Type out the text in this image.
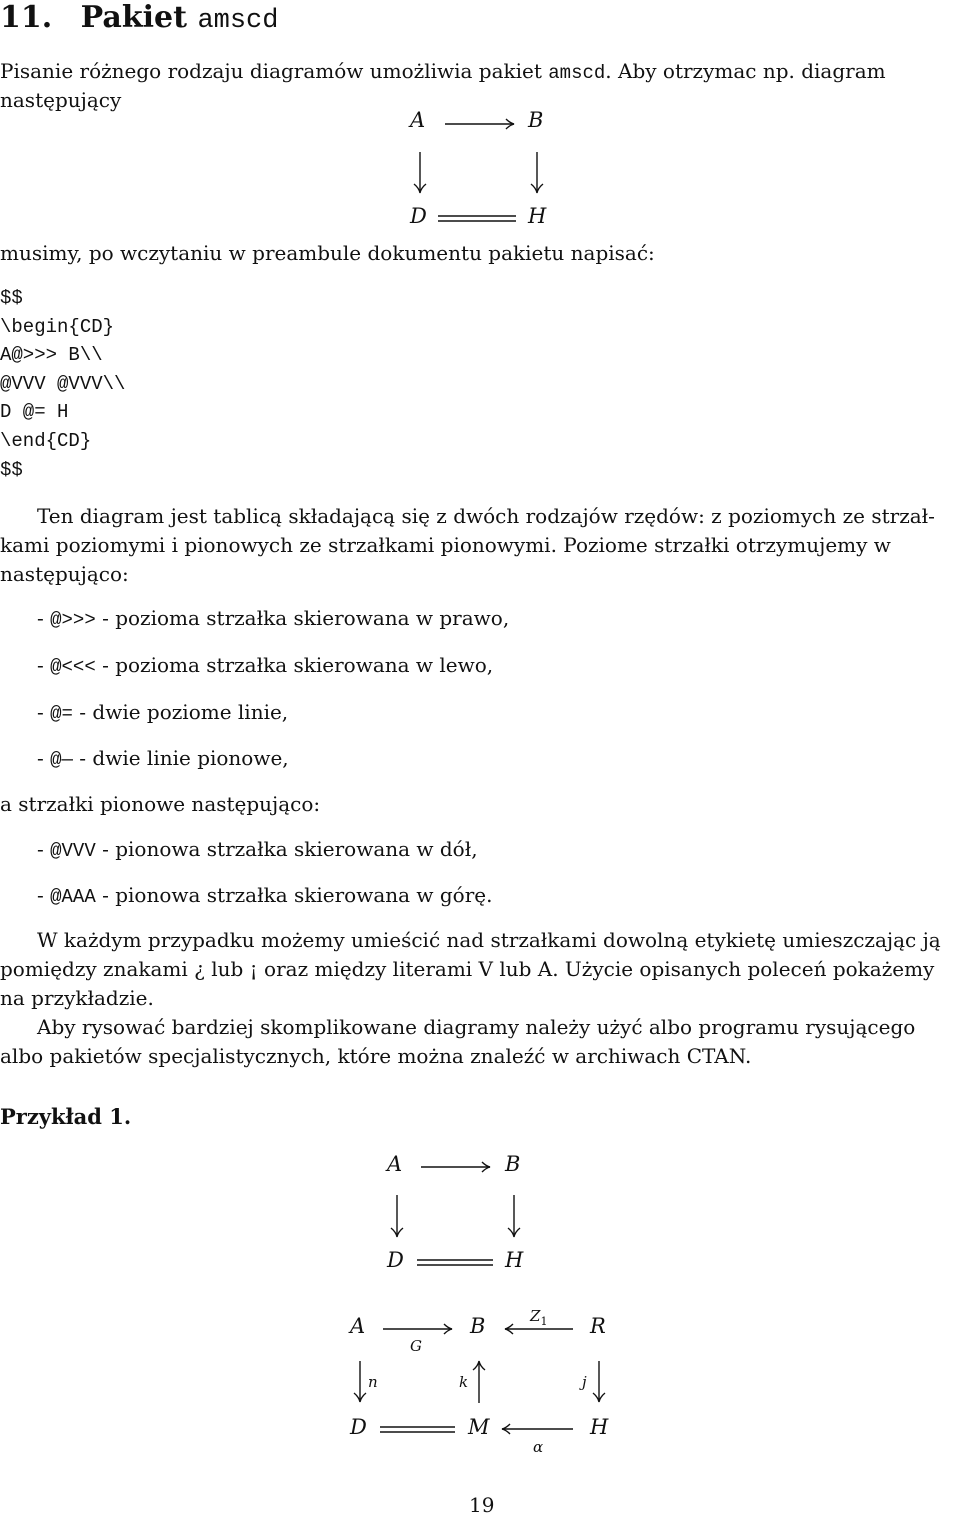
11. Pakiet amscd
Pisanie różnego rodzaju diagramów umożliwia pakiet amscd. Aby otrzymac np. diagram
następujący
A	B
D	H
musimy, po wczytaniu w preambule dokumentu pakietu napisać:
$$
\begin{CD}
A@>>> B\\
@VVV @VVV\\
D @= H
\end{CD}
$$
Ten diagram jest tablicą składającą się z dwóch rodzajów rzędów: z poziomych ze strzał-
kami poziomymi i pionowych ze strzałkami pionowymi. Poziome strzałki otrzymujemy w
następująco:
- @>>> - pozioma strzałka skierowana w prawo,
- @<<< - pozioma strzałka skierowana w lewo,
- @= - dwie poziome linie,
- @— - dwie linie pionowe,
a strzałki pionowe następująco:
- @VVV - pionowa strzałka skierowana w dół,
- @AAA - pionowa strzałka skierowana w górę.
W każdym przypadku możemy umieścić nad strzałkami dowolną etykietę umieszczając ją
pomiędzy znakami ¿ lub ¡ oraz między literami V lub A. Użycie opisanych poleceń pokażemy
na przykładzie.
Aby rysować bardziej skomplikowane diagramy należy użyć albo programu rysującego
albo pakietów specjalistycznych, które można znaleźć w archiwach CTAN.
Przykład 1.
A	B
D	H
A	B	R
D	M	H
G
$Z_1$
n	k	j
α
19
